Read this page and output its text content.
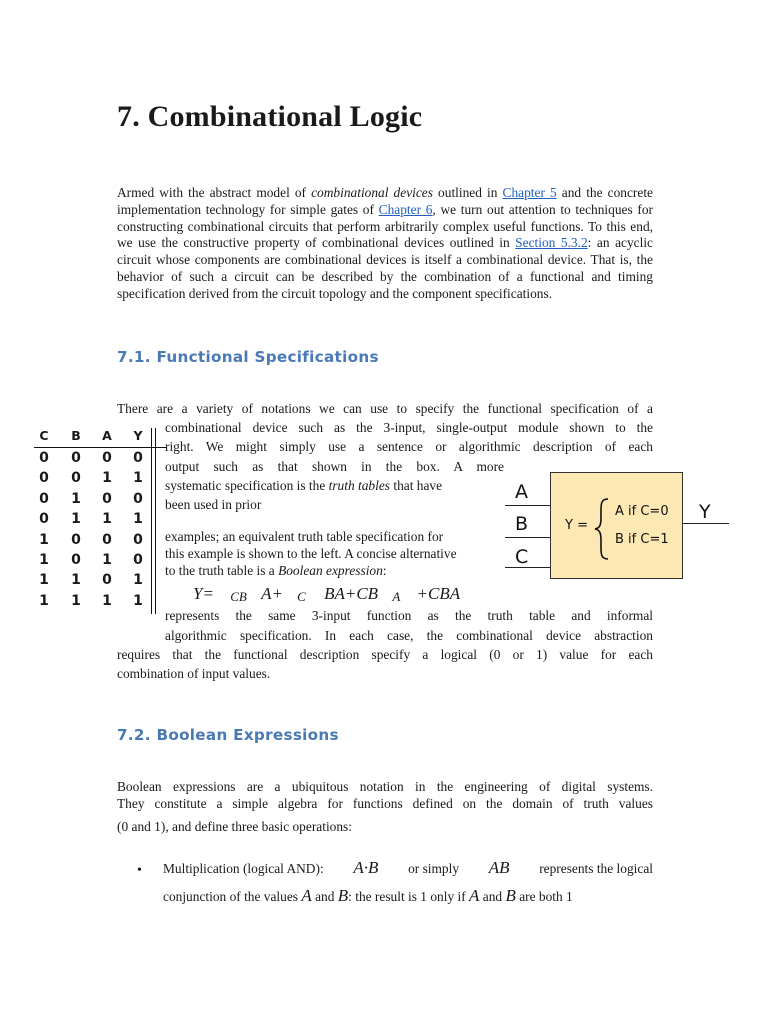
7. Combinational Logic

Armed with the abstract model of combinational devices outlined in Chapter 5 and the concrete implementation technology for simple gates of Chapter 6, we turn out attention to techniques for constructing combinational circuits that perform arbitrarily complex useful functions. To this end, we use the constructive property of combinational devices outlined in Section 5.3.2: an acyclic circuit whose components are combinational devices is itself a combinational device. That is, the behavior of such a circuit can be described by the combination of a functional and timing specification derived from the circuit topology and the component specifications.

7.1. Functional Specifications
There are a variety of notations we can use to specify the functional specification of a
combinational device such as the 3-input, single-output module shown to the
right. We might simply use a sentence or algorithmic description of each
output such as that shown in the box. A more
systematic specification is the truth tables that have
been used in prior
examples; an equivalent truth table specification for
this example is shown to the left. A concise alternative
to the truth table is a Boolean expression:
Y= CB A+ C BA+CB A +CBA
represents the same 3-input function as the truth table and informal
algorithmic specification. In each case, the combinational device abstraction
requires that the functional description specify a logical (0 or 1) value for each
combination of input values.
C	B	A	Y
0	0	0	0
0	0	1	1
0	1	0	0
0	1	1	1
1	0	0	0
1	0	1	0
1	1	0	1
1	1	1	1
A
B
C
Y =
A if C=0
B if C=1
Y
7.2. Boolean Expressions
Boolean expressions are a ubiquitous notation in the engineering of digital systems.
They constitute a simple algebra for functions defined on the domain of truth values
(0 and 1), and define three basic operations:
• Multiplication (logical AND): A·B or simply AB represents the logical
conjunction of the values A and B: the result is 1 only if A and B are both 1
